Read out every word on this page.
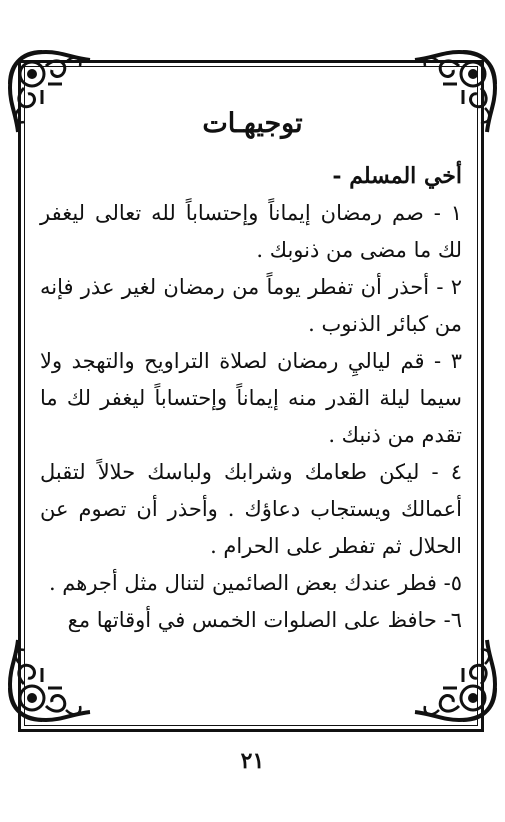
توجيهـات
أخي المسلم -

١ - صم رمضان إيماناً وإحتساباً لله تعالى ليغفر لك ما مضى من ذنوبك .

٢ - أحذر أن تفطر يوماً من رمضان لغير عذر فإنه من كبائر الذنوب .

٣ - قم لياليِ رمضان لصلاة التراويح والتهجد ولا سيما ليلة القدر منه إيماناً وإحتساباً ليغفر لك ما تقدم من ذنبك .

٤ - ليكن طعامك وشرابك ولباسك حلالاً لتقبل أعمالك ويستجاب دعاؤك . وأحذر أن تصوم عن الحلال ثم تفطر على الحرام .

٥- فطر عندك بعض الصائمين لتنال مثل أجرهم .

٦- حافظ على الصلوات الخمس في أوقاتها مع

٢١
